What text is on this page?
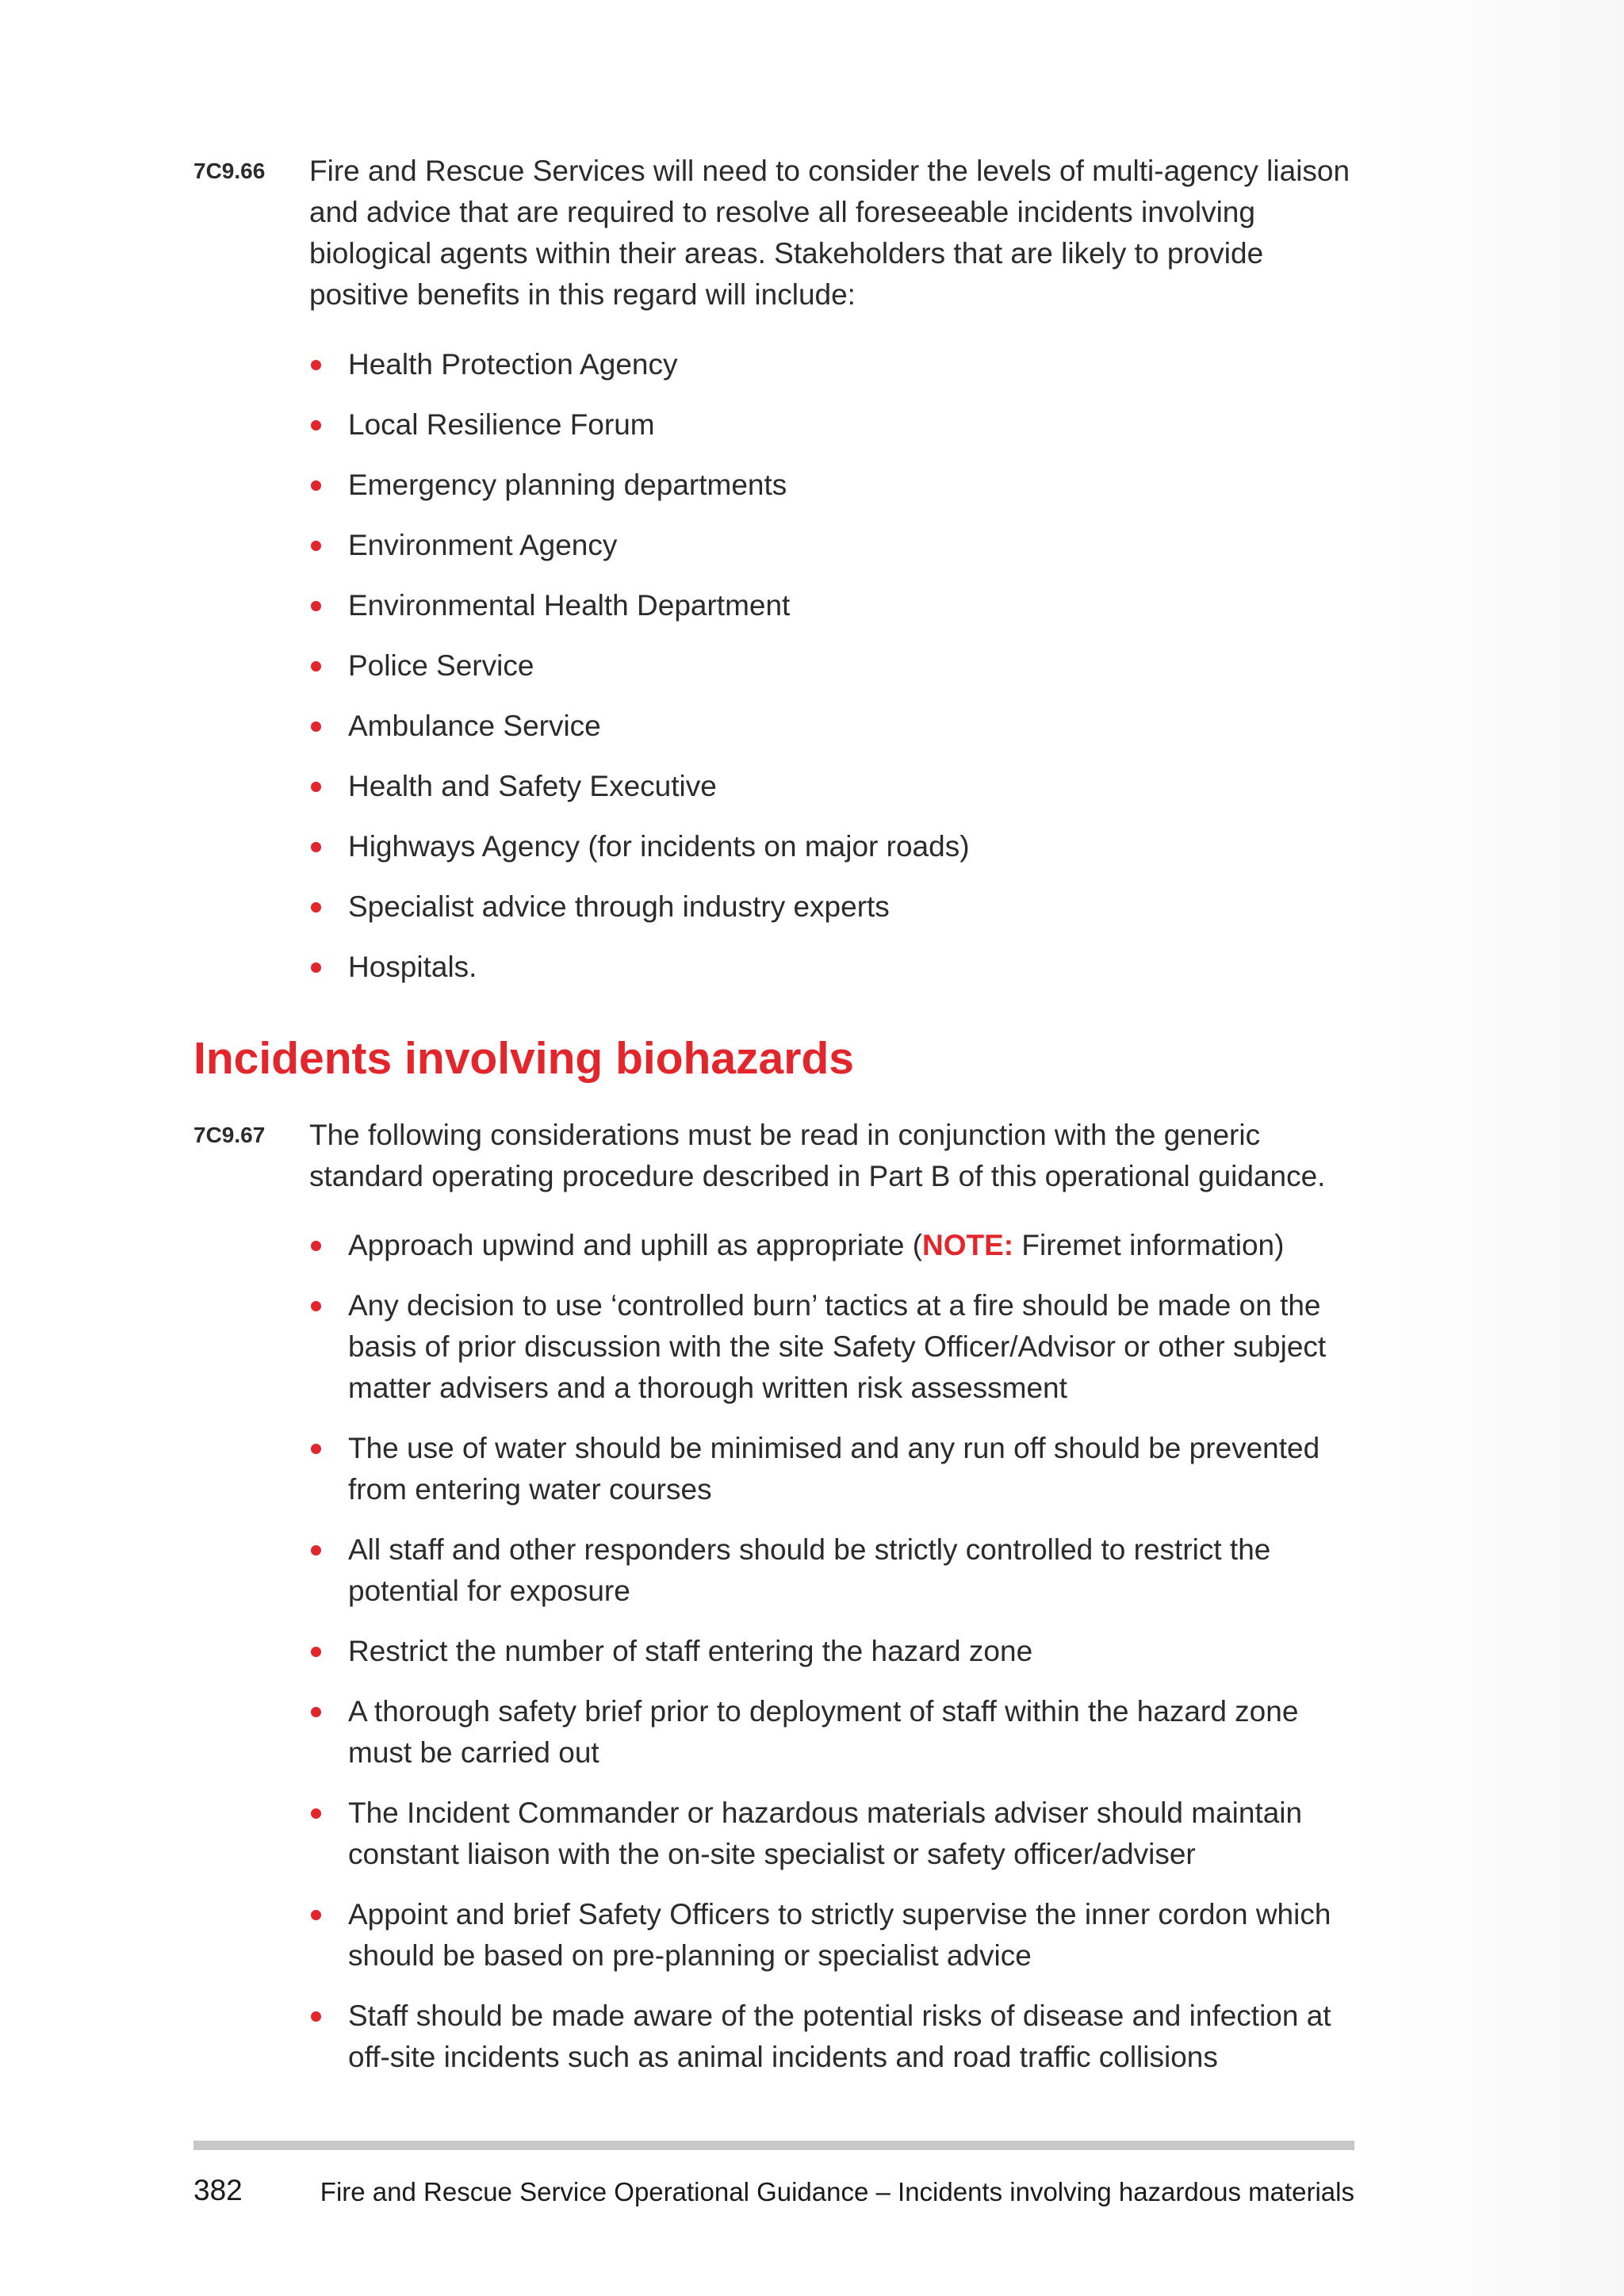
7C9.66 Fire and Rescue Services will need to consider the levels of multi-agency liaison and advice that are required to resolve all foreseeable incidents involving biological agents within their areas. Stakeholders that are likely to provide positive benefits in this regard will include:
Health Protection Agency
Local Resilience Forum
Emergency planning departments
Environment Agency
Environmental Health Department
Police Service
Ambulance Service
Health and Safety Executive
Highways Agency (for incidents on major roads)
Specialist advice through industry experts
Hospitals.
Incidents involving biohazards
7C9.67 The following considerations must be read in conjunction with the generic standard operating procedure described in Part B of this operational guidance.
Approach upwind and uphill as appropriate (NOTE: Firemet information)
Any decision to use ‘controlled burn’ tactics at a fire should be made on the basis of prior discussion with the site Safety Officer/Advisor or other subject matter advisers and a thorough written risk assessment
The use of water should be minimised and any run off should be prevented from entering water courses
All staff and other responders should be strictly controlled to restrict the potential for exposure
Restrict the number of staff entering the hazard zone
A thorough safety brief prior to deployment of staff within the hazard zone must be carried out
The Incident Commander or hazardous materials adviser should maintain constant liaison with the on-site specialist or safety officer/adviser
Appoint and brief Safety Officers to strictly supervise the inner cordon which should be based on pre-planning or specialist advice
Staff should be made aware of the potential risks of disease and infection at off-site incidents such as animal incidents and road traffic collisions
382	Fire and Rescue Service Operational Guidance – Incidents involving hazardous materials
